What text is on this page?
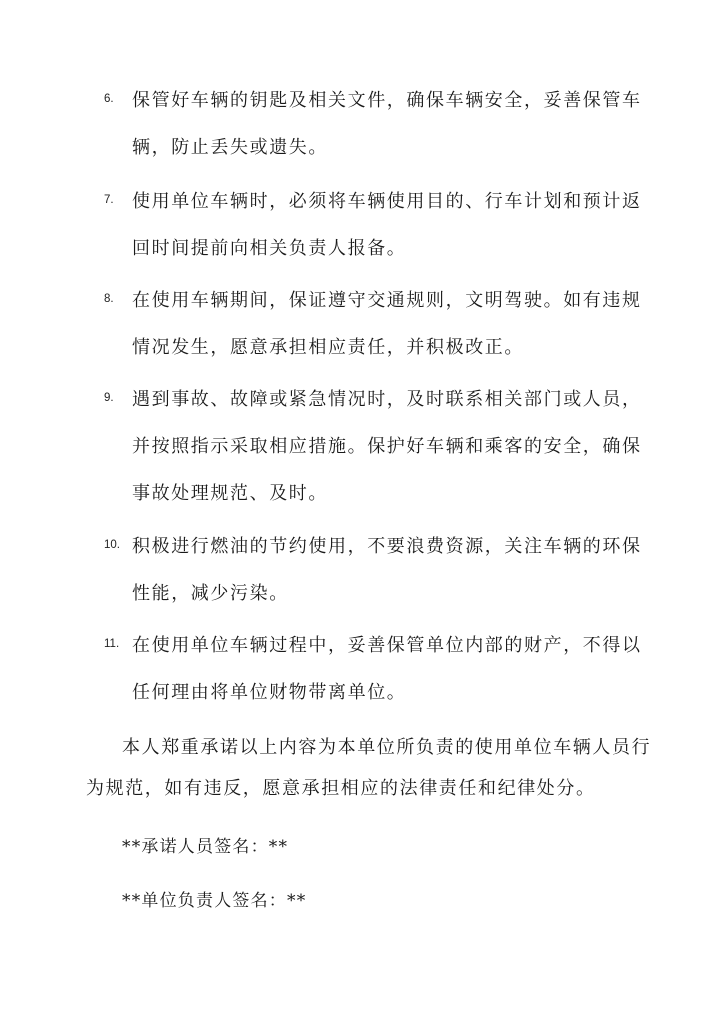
6.	保管好车辆的钥匙及相关文件，确保车辆安全，妥善保管车
辆，防止丢失或遗失。
7.	使用单位车辆时，必须将车辆使用目的、行车计划和预计返
回时间提前向相关负责人报备。
8.	在使用车辆期间，保证遵守交通规则，文明驾驶。如有违规
情况发生，愿意承担相应责任，并积极改正。
9.	遇到事故、故障或紧急情况时，及时联系相关部门或人员，
并按照指示采取相应措施。保护好车辆和乘客的安全，确保
事故处理规范、及时。
10. 积极进行燃油的节约使用，不要浪费资源，关注车辆的环保
性能，减少污染。
11. 在使用单位车辆过程中，妥善保管单位内部的财产，不得以
任何理由将单位财物带离单位。
本人郑重承诺以上内容为本单位所负责的使用单位车辆人员行
为规范，如有违反，愿意承担相应的法律责任和纪律处分。
**承诺人员签名：**
**单位负责人签名：**
